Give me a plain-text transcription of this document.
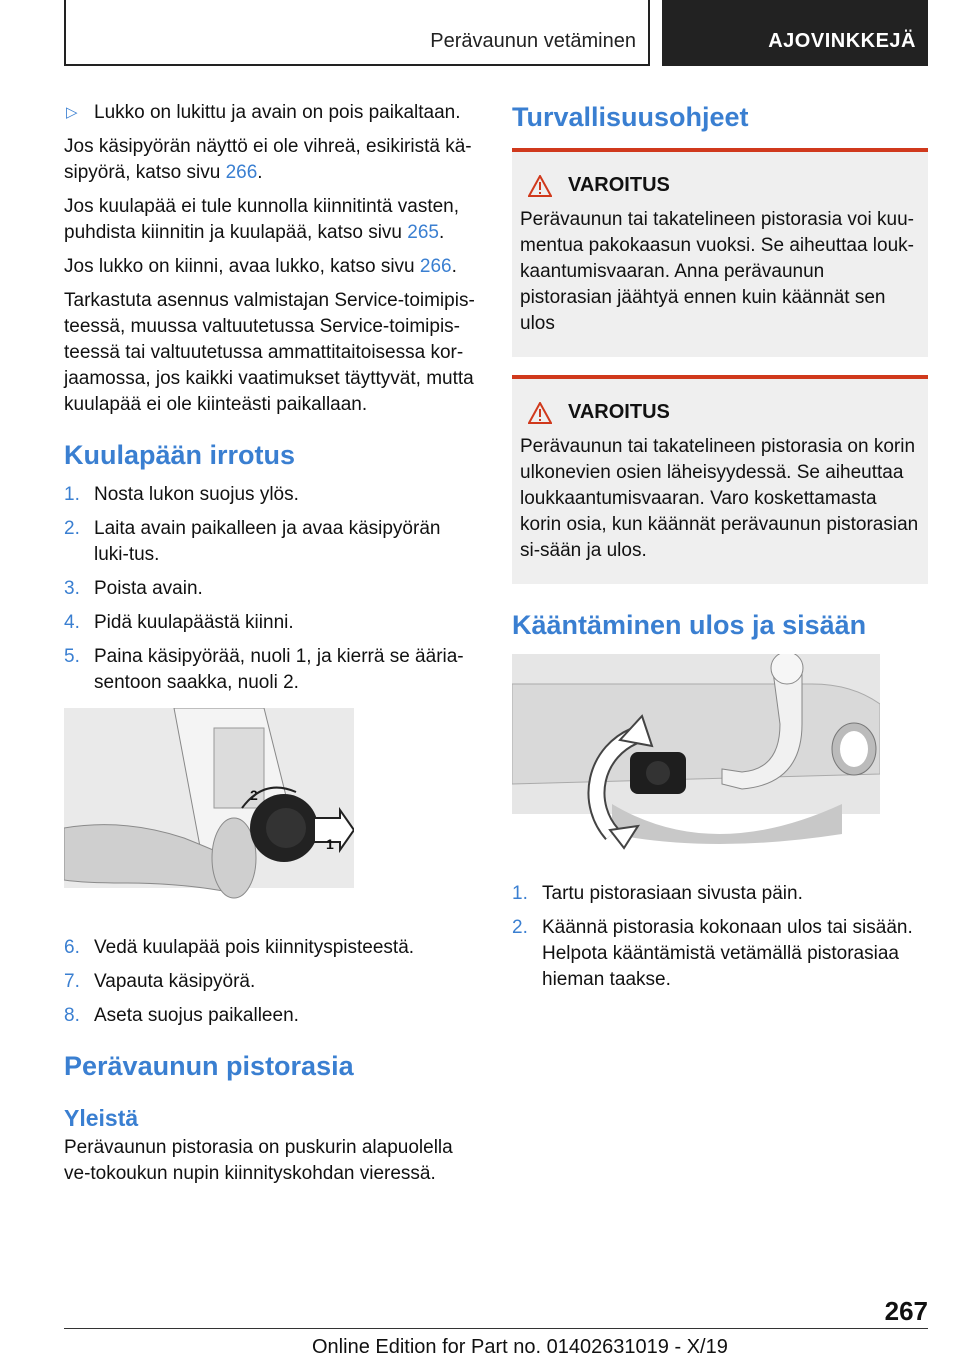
Perävaunun vetäminen	AJOVINKKEJÄ
▷ Lukko on lukittu ja avain on pois paikaltaan.

Jos käsipyörän näyttö ei ole vihreä, esikiristä kä-sipyörä, katso sivu 266.

Jos kuulapää ei tule kunnolla kiinnitintä vasten, puhdista kiinnitin ja kuulapää, katso sivu 265.

Jos lukko on kiinni, avaa lukko, katso sivu 266.

Tarkastuta asennus valmistajan Service-toimipis-teessä, muussa valtuutetussa Service-toimipis-teessä tai valtuutetussa ammattitaitoisessa kor-jaamossa, jos kaikki vaatimukset täyttyvät, mutta kuulapää ei ole kiinteästi paikallaan.

Kuulapään irrotus
1. Nosta lukon suojus ylös.
2. Laita avain paikalleen ja avaa käsipyörän luki-tus.
3. Poista avain.
4. Pidä kuulapäästä kiinni.
5. Paina käsipyörää, nuoli 1, ja kierrä se ääria-sentoon saakka, nuoli 2.
1
2
6. Vedä kuulapää pois kiinnityspisteestä.
7. Vapauta käsipyörä.
8. Aseta suojus paikalleen.
Perävaunun pistorasia
Yleistä

Perävaunun pistorasia on puskurin alapuolella ve-tokoukun nupin kiinnityskohdan vieressä.

Turvallisuusohjeet
VAROITUS
Perävaunun tai takatelineen pistorasia voi kuu-mentua pakokaasun vuoksi. Se aiheuttaa louk-kaantumisvaaran. Anna perävaunun pistorasian jäähtyä ennen kuin käännät sen ulos
VAROITUS
Perävaunun tai takatelineen pistorasia on korin ulkonevien osien läheisyydessä. Se aiheuttaa loukkaantumisvaaran. Varo koskettamasta korin osia, kun käännät perävaunun pistorasian si-sään ja ulos.
Kääntäminen ulos ja sisään
1. Tartu pistorasiaan sivusta päin.
2. Käännä pistorasia kokonaan ulos tai sisään. Helpota kääntämistä vetämällä pistorasiaa hieman taakse.
267
Online Edition for Part no. 01402631019 - X/19
